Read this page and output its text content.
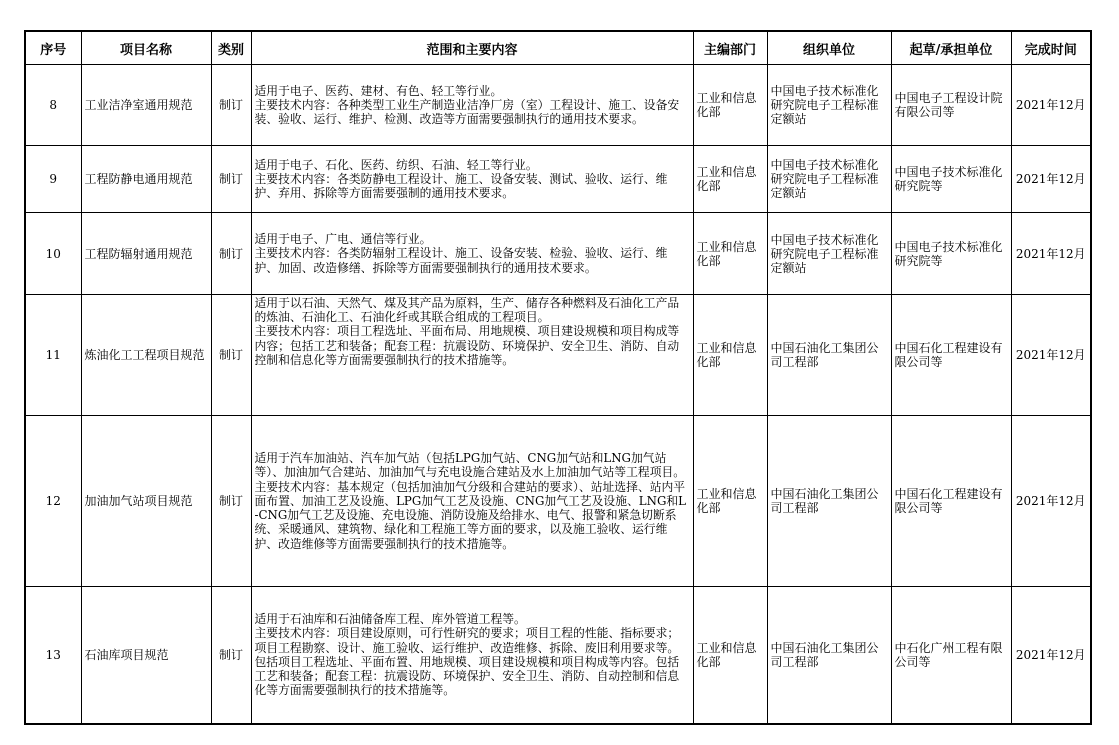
序号	项目名称	类别	范围和主要内容	主编部门	组织单位	起草/承担单位	完成时间
8	工业洁净室通用规范	制订	适用于电子、医药、建材、有色、轻工等行业。
主要技术内容：各种类型工业生产制造业洁净厂房（室）工程设计、施工、设备安装、验收、运行、维护、检测、改造等方面需要强制执行的通用技术要求。	工业和信息化部	中国电子技术标准化研究院电子工程标准定额站	中国电子工程设计院有限公司等	2021年12月
9	工程防静电通用规范	制订	适用于电子、石化、医药、纺织、石油、轻工等行业。
主要技术内容：各类防静电工程设计、施工、设备安装、测试、验收、运行、维护、弃用、拆除等方面需要强制的通用技术要求。	工业和信息化部	中国电子技术标准化研究院电子工程标准定额站	中国电子技术标准化研究院等	2021年12月
10	工程防辐射通用规范	制订	适用于电子、广电、通信等行业。
主要技术内容：各类防辐射工程设计、施工、设备安装、检验、验收、运行、维护、加固、改造修缮、拆除等方面需要强制执行的通用技术要求。	工业和信息化部	中国电子技术标准化研究院电子工程标准定额站	中国电子技术标准化研究院等	2021年12月
11	炼油化工工程项目规范	制订	适用于以石油、天然气、煤及其产品为原料，生产、储存各种燃料及石油化工产品的炼油、石油化工、石油化纤或其联合组成的工程项目。
主要技术内容：项目工程选址、平面布局、用地规模、项目建设规模和项目构成等内容；包括工艺和装备；配套工程：抗震设防、环境保护、安全卫生、消防、自动控制和信息化等方面需要强制执行的技术措施等。	工业和信息化部	中国石油化工集团公司工程部	中国石化工程建设有限公司等	2021年12月
12	加油加气站项目规范	制订	适用于汽车加油站、汽车加气站（包括LPG加气站、CNG加气站和LNG加气站等）、加油加气合建站、加油加气与充电设施合建站及水上加油加气站等工程项目。
主要技术内容：基本规定（包括加油加气分级和合建站的要求）、站址选择、站内平面布置、加油工艺及设施、LPG加气工艺及设施、CNG加气工艺及设施、LNG和L-CNG加气工艺及设施、充电设施、消防设施及给排水、电气、报警和紧急切断系统、采暖通风、建筑物、绿化和工程施工等方面的要求，以及施工验收、运行维护、改造维修等方面需要强制执行的技术措施等。	工业和信息化部	中国石油化工集团公司工程部	中国石化工程建设有限公司等	2021年12月
13	石油库项目规范	制订	适用于石油库和石油储备库工程、库外管道工程等。
主要技术内容：项目建设原则，可行性研究的要求；项目工程的性能、指标要求；项目工程勘察、设计、施工验收、运行维护、改造维修、拆除、废旧利用要求等。包括项目工程选址、平面布置、用地规模、项目建设规模和项目构成等内容。包括工艺和装备；配套工程：抗震设防、环境保护、安全卫生、消防、自动控制和信息化等方面需要强制执行的技术措施等。	工业和信息化部	中国石油化工集团公司工程部	中石化广州工程有限公司等	2021年12月
